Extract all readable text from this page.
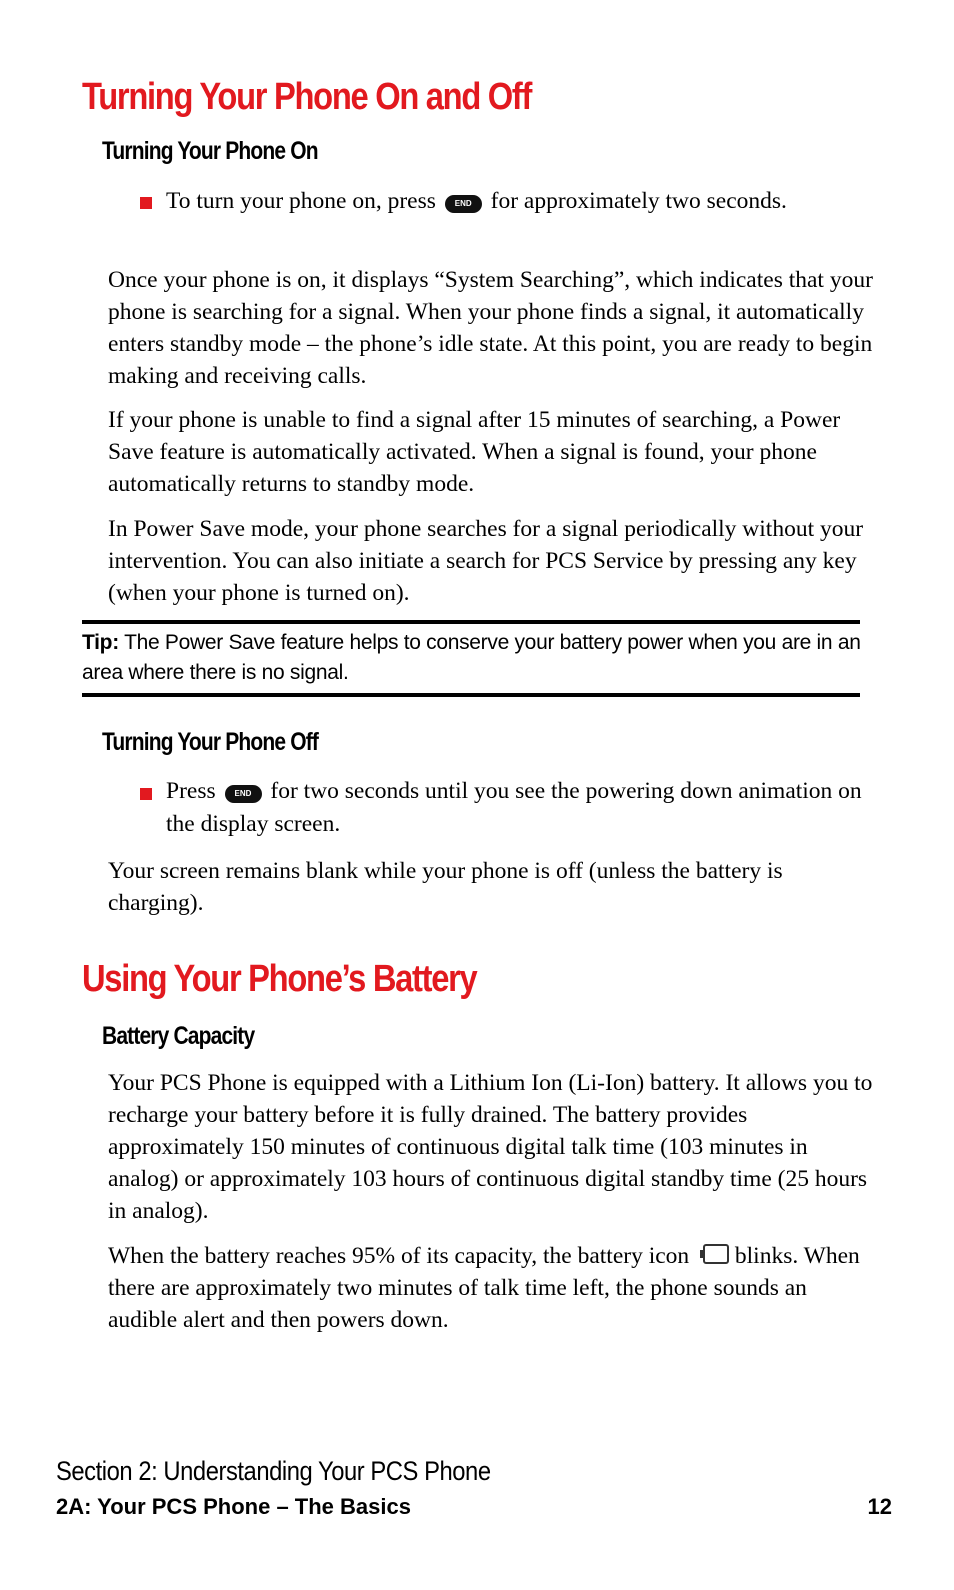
Turning Your Phone On and Off
Turning Your Phone On
To turn your phone on, press END for approximately two seconds.
Once your phone is on, it displays “System Searching”, which indicates that your phone is searching for a signal. When your phone finds a signal, it automatically enters standby mode – the phone’s idle state. At this point, you are ready to begin making and receiving calls.
If your phone is unable to find a signal after 15 minutes of searching, a Power Save feature is automatically activated. When a signal is found, your phone automatically returns to standby mode.
In Power Save mode, your phone searches for a signal periodically without your intervention. You can also initiate a search for PCS Service by pressing any key (when your phone is turned on).
Tip: The Power Save feature helps to conserve your battery power when you are in an area where there is no signal.
Turning Your Phone Off
Press END for two seconds until you see the powering down animation on the display screen.
Your screen remains blank while your phone is off (unless the battery is charging).
Using Your Phone’s Battery
Battery Capacity
Your PCS Phone is equipped with a Lithium Ion (Li-Ion) battery. It allows you to recharge your battery before it is fully drained. The battery provides approximately 150 minutes of continuous digital talk time (103 minutes in analog) or approximately 103 hours of continuous digital standby time (25 hours in analog).
When the battery reaches 95% of its capacity, the battery icon blinks. When there are approximately two minutes of talk time left, the phone sounds an audible alert and then powers down.
Section 2: Understanding Your PCS Phone
2A: Your PCS Phone – The Basics	12
